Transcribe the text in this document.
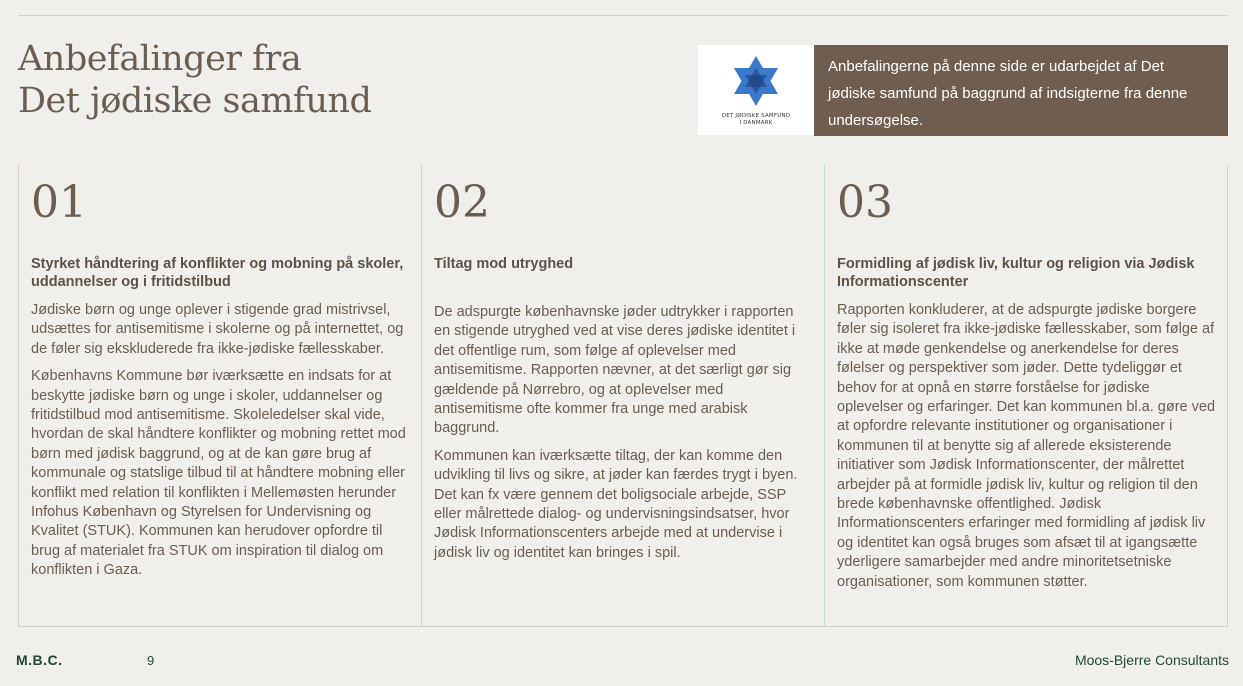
Anbefalinger fra
Det jødiske samfund	DET JØDISKE SAMFUND
I DANMARK
Anbefalingerne på denne side er udarbejdet af Det jødiske samfund på baggrund af indsigterne fra denne undersøgelse.
01
Styrket håndtering af konflikter og mobning på skoler, uddannelser og i fritidstilbud

Jødiske børn og unge oplever i stigende grad mistrivsel, udsættes for antisemitisme i skolerne og på internettet, og de føler sig ekskluderede fra ikke-jødiske fællesskaber.

Københavns Kommune bør iværksætte en indsats for at beskytte jødiske børn og unge i skoler, uddannelser og fritidstilbud mod antisemitisme. Skoleledelser skal vide, hvordan de skal håndtere konflikter og mobning rettet mod børn med jødisk baggrund, og at de kan gøre brug af kommunale og statslige tilbud til at håndtere mobning eller konflikt med relation til konflikten i Mellemøsten herunder Infohus København og Styrelsen for Undervisning og Kvalitet (STUK). Kommunen kan herudover opfordre til brug af materialet fra STUK om inspiration til dialog om konflikten i Gaza.

02
Tiltag mod utryghed

De adspurgte københavnske jøder udtrykker i rapporten en stigende utryghed ved at vise deres jødiske identitet i det offentlige rum, som følge af oplevelser med antisemitisme. Rapporten nævner, at det særligt gør sig gældende på Nørrebro, og at oplevelser med antisemitisme ofte kommer fra unge med arabisk baggrund.

Kommunen kan iværksætte tiltag, der kan komme den udvikling til livs og sikre, at jøder kan færdes trygt i byen. Det kan fx være gennem det boligsociale arbejde, SSP eller målrettede dialog- og undervisningsindsatser, hvor Jødisk Informationscenters arbejde med at undervise i jødisk liv og identitet kan bringes i spil.

03
Formidling af jødisk liv, kultur og religion via Jødisk Informationscenter

Rapporten konkluderer, at de adspurgte jødiske borgere føler sig isoleret fra ikke-jødiske fællesskaber, som følge af ikke at møde genkendelse og anerkendelse for deres følelser og perspektiver som jøder. Dette tydeliggør et behov for at opnå en større forståelse for jødiske oplevelser og erfaringer. Det kan kommunen bl.a. gøre ved at opfordre relevante institutioner og organisationer i kommunen til at benytte sig af allerede eksisterende initiativer som Jødisk Informationscenter, der målrettet arbejder på at formidle jødisk liv, kultur og religion til den brede københavnske offentlighed. Jødisk Informationscenters erfaringer med formidling af jødisk liv og identitet kan også bruges som afsæt til at igangsætte yderligere samarbejder med andre minoritetsetniske organisationer, som kommunen støtter.

M.B.C.	9	Moos-Bjerre Consultants
